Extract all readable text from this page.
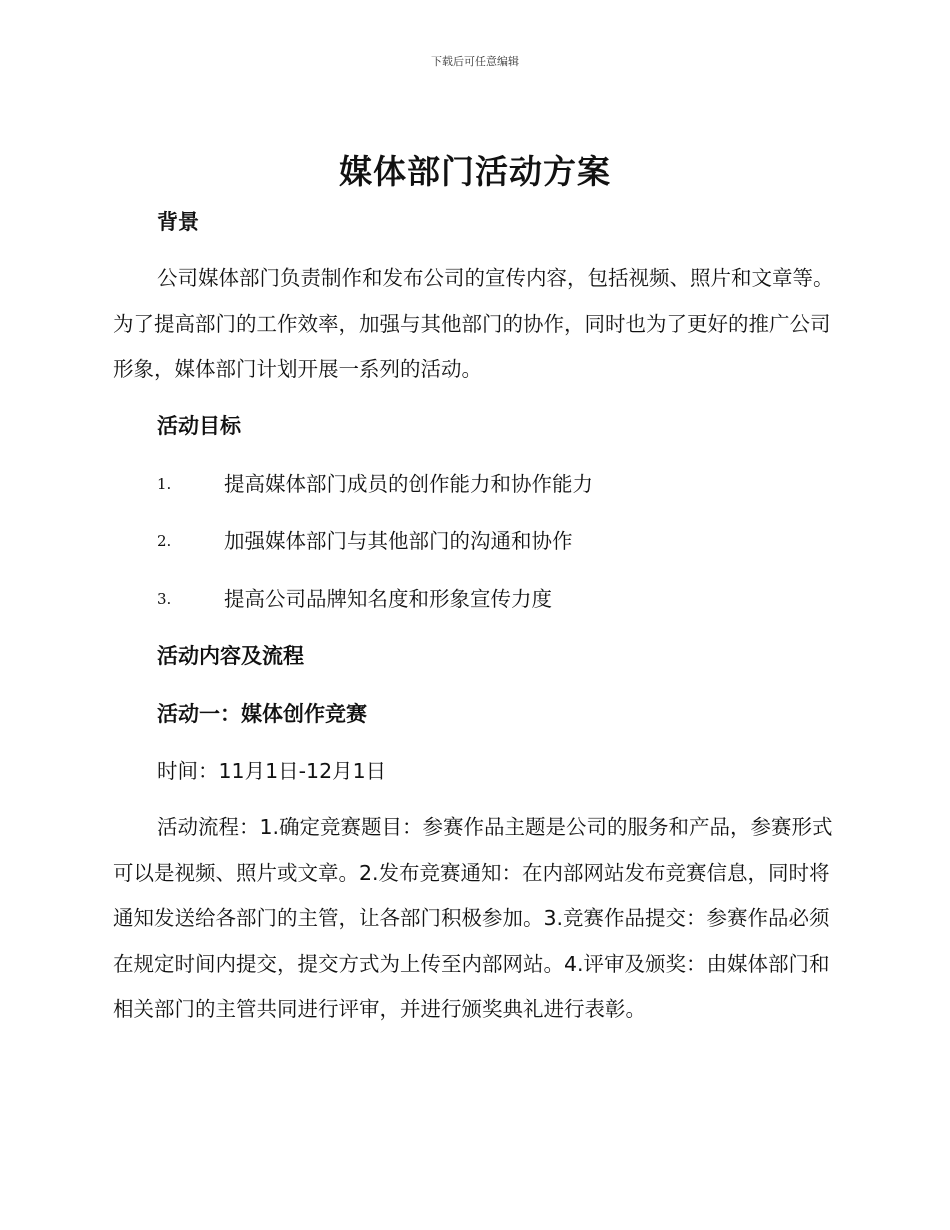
下载后可任意编辑
媒体部门活动方案
背景

公司媒体部门负责制作和发布公司的宣传内容，包括视频、照片和文章等。为了提高部门的工作效率，加强与其他部门的协作，同时也为了更好的推广公司形象，媒体部门计划开展一系列的活动。

活动目标
1.	提高媒体部门成员的创作能力和协作能力
2.	加强媒体部门与其他部门的沟通和协作
3.	提高公司品牌知名度和形象宣传力度
活动内容及流程
活动一：媒体创作竞赛
时间：11月1日-12月1日

活动流程：1.确定竞赛题目：参赛作品主题是公司的服务和产品，参赛形式可以是视频、照片或文章。2.发布竞赛通知：在内部网站发布竞赛信息，同时将通知发送给各部门的主管，让各部门积极参加。3.竞赛作品提交：参赛作品必须在规定时间内提交，提交方式为上传至内部网站。4.评审及颁奖：由媒体部门和相关部门的主管共同进行评审，并进行颁奖典礼进行表彰。
